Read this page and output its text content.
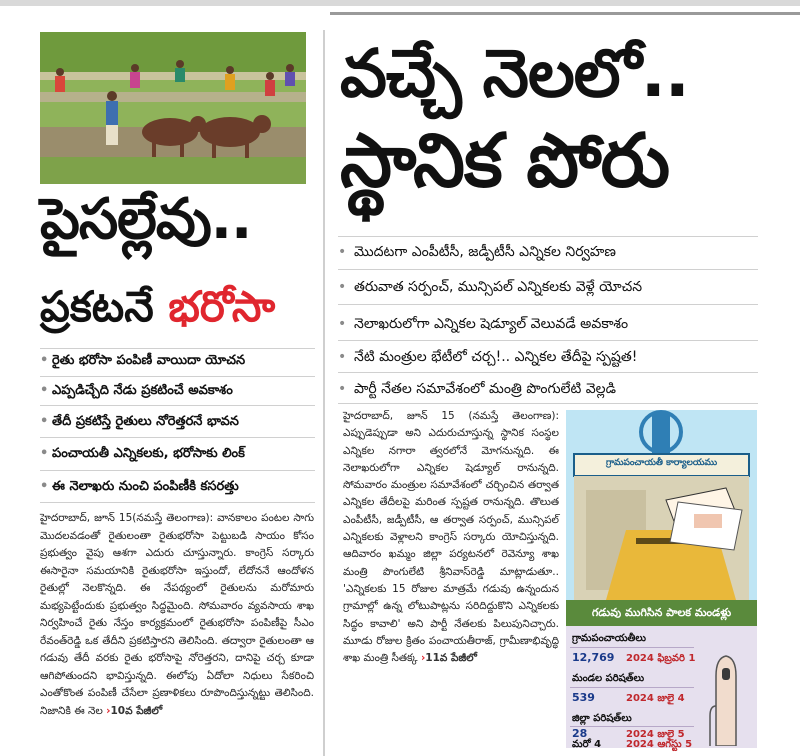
పైసల్లేవు..
ప్రకటనే భరోసా
• రైతు భరోసా పంపిణీ వాయిదా యోచన
• ఎప్పడిచ్చేది నేడు ప్రకటించే అవకాశం
• తేదీ ప్రకటిస్తే రైతులు నోరెత్తరనే భావన
• పంచాయతీ ఎన్నికలకు, భరోసాకు లింక్
• ఈ నెలాఖరు నుంచి పంపిణీకి కసరత్తు
హైదరాబాద్, జూన్ 15(నమస్తే తెలంగాణ): వానకాలం పంటల సాగు మొదలవడంతో రైతులంతా రైతుభరోసా పెట్టుబడి సాయం కోసం ప్రభుత్వం వైపు ఆశగా ఎదురు చూస్తున్నారు. కాంగ్రెస్ సర్కారు ఈసారైనా సమయానికి రైతుభరోసా ఇస్తుందో, లేదోననే ఆందోళన రైతుల్లో నెలకొన్నది. ఈ నేపథ్యంలో రైతులను మరోమారు మభ్యపెట్టేందుకు ప్రభుత్వం సిద్ధమైంది. సోమవారం వ్యవసాయ శాఖ నిర్వహించే రైతు నేస్తం కార్యక్రమంలో రైతుభరోసా పంపిణీపై సీఎం రేవంత్‌రెడ్డి ఒక తేదీని ప్రకటిస్తారని తెలిసింది. తద్వారా రైతులంతా ఆ గడువు తేదీ వరకు రైతు భరోసాపై నోరెత్తరని, దానిపై చర్చ కూడా ఆగిపోతుందని భావిస్తున్నది. ఈలోపు ఏదోలా నిధులు సేకరించి ఎంతోకొంత పంపిణీ చేసేలా ప్రణాళికలు రూపొందిస్తున్నట్టు తెలిసింది. నిజానికి ఈ నెల ›10వ పేజీలో
వచ్చే నెలలో..
స్థానిక పోరు
• మొదటగా ఎంపీటీసీ, జడ్పీటీసీ ఎన్నికల నిర్వహణ
• తరువాత సర్పంచ్, మున్సిపల్ ఎన్నికలకు వెళ్లే యోచన
• నెలాఖరులోగా ఎన్నికల షెడ్యూల్ వెలువడే అవకాశం
• నేటి మంత్రుల భేటీలో చర్చ!.. ఎన్నికల తేదీపై స్పష్టత!
• పార్టీ నేతల సమావేశంలో మంత్రి పొంగులేటి వెల్లడి
హైదరాబాద్, జూన్ 15 (నమస్తే తెలంగాణ): ఎప్పుడెప్పుడా అని ఎదురుచూస్తున్న స్థానిక సంస్థల ఎన్నికల నగారా త్వరలోనే మోగనున్నది. ఈ నెలాఖరులోగా ఎన్నికల షెడ్యూల్ రానున్నది. సోమవారం మంత్రుల సమావేశంలో చర్చించిన తర్వాత ఎన్నికల తేదీలపై మరింత స్పష్టత రానున్నది. తొలుత ఎంపీటీసీ, జడ్పీటీసీ, ఆ తర్వాత సర్పంచ్, మున్సిపల్ ఎన్నికలకు వెళ్లాలని కాంగ్రెస్ సర్కారు యోచిస్తున్నది. ఆదివారం ఖమ్మం జిల్లా పర్యటనలో రెవెన్యూ శాఖ మంత్రి పొంగులేటి శ్రీనివాస్‌రెడ్డి మాట్లాడుతూ.. 'ఎన్నికలకు 15 రోజుల మాత్రమే గడువు ఉన్నందున గ్రామాల్లో ఉన్న లోటుపాట్లను సరిదిద్దుకొని ఎన్నికలకు సిద్ధం కావాలి' అని పార్టీ నేతలకు పిలుపునిచ్చారు. మూడు రోజుల క్రితం పంచాయతీరాజ్, గ్రామీణాభివృద్ధి శాఖ మంత్రి సీతక్క ›11వ పేజీలో
గ్రామపంచాయతీ కార్యాలయము
గడువు ముగిసిన పాలక మండళ్లు
గ్రామపంచాయతీలు
12,769 2024 ఫిబ్రవరి 1
మండల పరిషత్‌లు
539	2024 జులై 4
జిల్లా పరిషత్‌లు
28	2024 జులై 5
మరో 4 2024 ఆగస్టు 5
